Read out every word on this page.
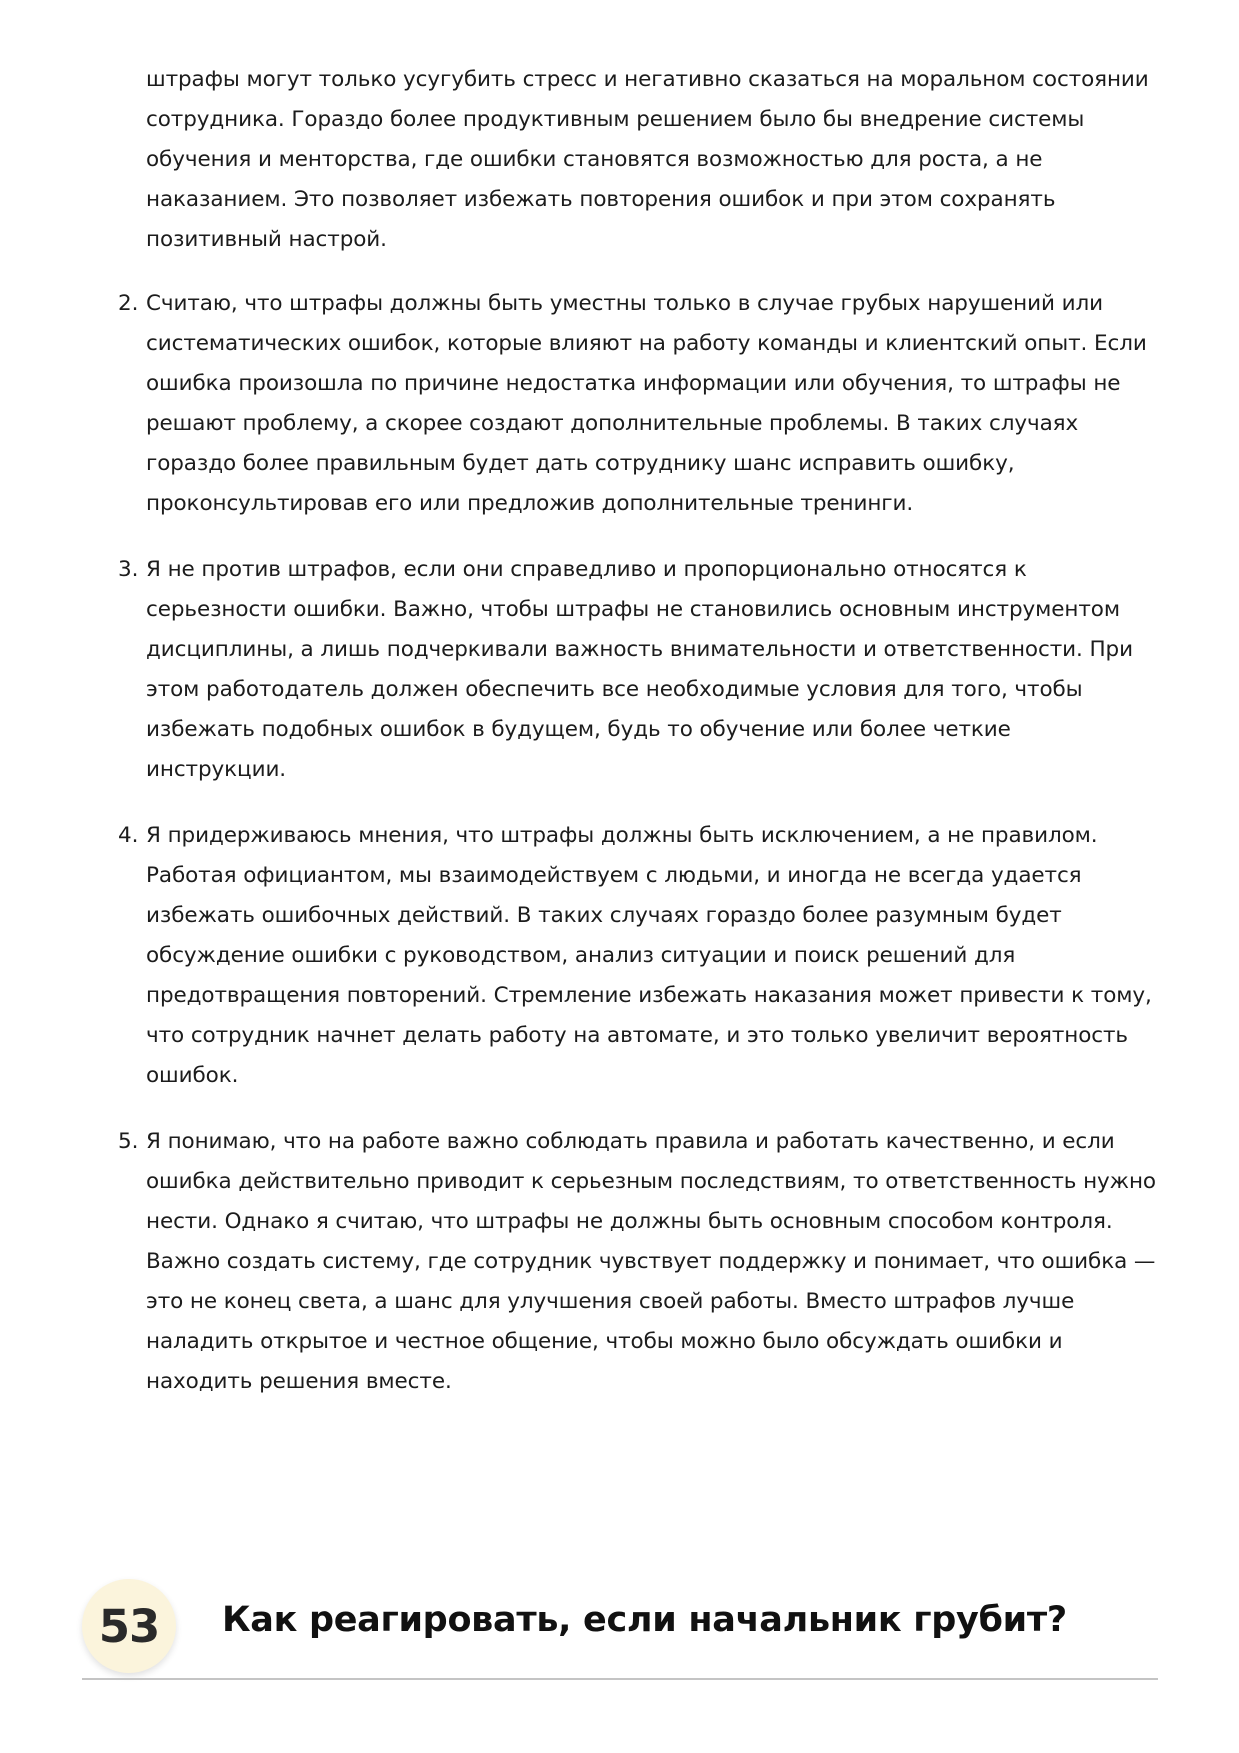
штрафы могут только усугубить стресс и негативно сказаться на моральном состоянии сотрудника. Гораздо более продуктивным решением было бы внедрение системы обучения и менторства, где ошибки становятся возможностью для роста, а не наказанием. Это позволяет избежать повторения ошибок и при этом сохранять позитивный настрой.

2. Считаю, что штрафы должны быть уместны только в случае грубых нарушений или систематических ошибок, которые влияют на работу команды и клиентский опыт. Если ошибка произошла по причине недостатка информации или обучения, то штрафы не решают проблему, а скорее создают дополнительные проблемы. В таких случаях гораздо более правильным будет дать сотруднику шанс исправить ошибку, проконсультировав его или предложив дополнительные тренинги.
3. Я не против штрафов, если они справедливо и пропорционально относятся к серьезности ошибки. Важно, чтобы штрафы не становились основным инструментом дисциплины, а лишь подчеркивали важность внимательности и ответственности. При этом работодатель должен обеспечить все необходимые условия для того, чтобы избежать подобных ошибок в будущем, будь то обучение или более четкие инструкции.
4. Я придерживаюсь мнения, что штрафы должны быть исключением, а не правилом. Работая официантом, мы взаимодействуем с людьми, и иногда не всегда удается избежать ошибочных действий. В таких случаях гораздо более разумным будет обсуждение ошибки с руководством, анализ ситуации и поиск решений для предотвращения повторений. Стремление избежать наказания может привести к тому, что сотрудник начнет делать работу на автомате, и это только увеличит вероятность ошибок.
5. Я понимаю, что на работе важно соблюдать правила и работать качественно, и если ошибка действительно приводит к серьезным последствиям, то ответственность нужно нести. Однако я считаю, что штрафы не должны быть основным способом контроля. Важно создать систему, где сотрудник чувствует поддержку и понимает, что ошибка — это не конец света, а шанс для улучшения своей работы. Вместо штрафов лучше наладить открытое и честное общение, чтобы можно было обсуждать ошибки и находить решения вместе.
53 Как реагировать, если начальник грубит?
